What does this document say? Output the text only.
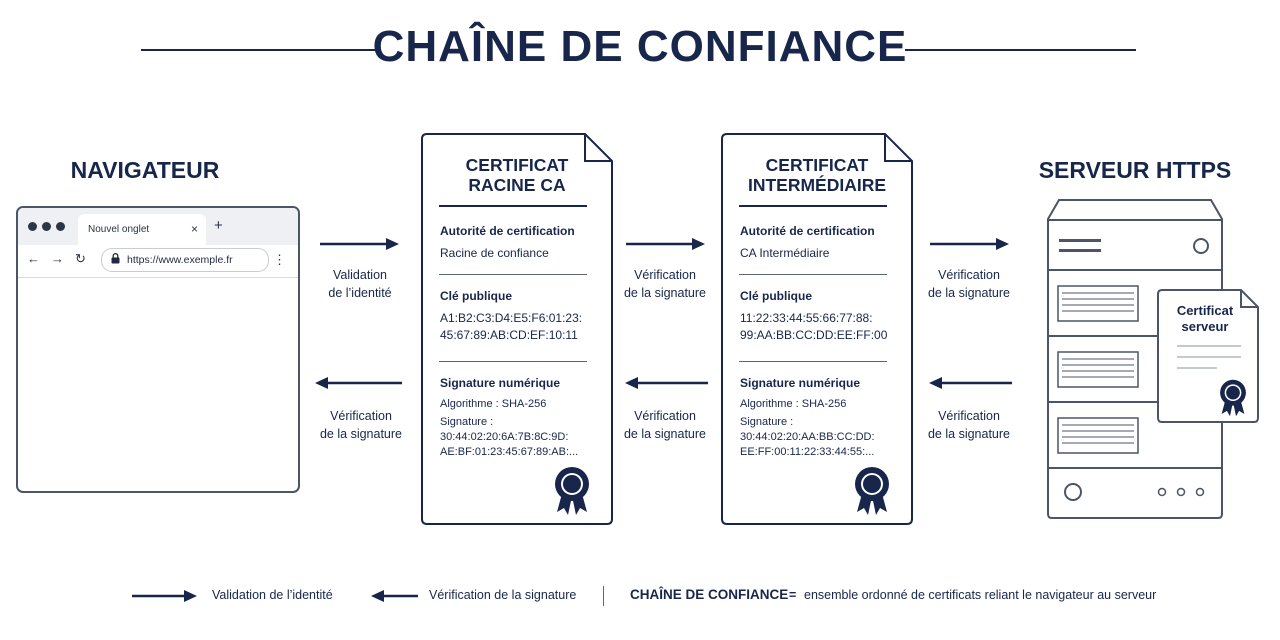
CHAÎNE DE CONFIANCE
NAVIGATEUR	SERVEUR HTTPS
Nouvel onglet	× +
← → ↻	https://www.exemple.fr	⋮
CERTIFICAT
RACINE CA
Autorité de certification
Racine de confiance
Clé publique
A1:B2:C3:D4:E5:F6:01:23:
45:67:89:AB:CD:EF:10:11
Signature numérique
Algorithme : SHA-256
Signature :
30:44:02:20:6A:7B:8C:9D:
AE:BF:01:23:45:67:89:AB:...
CERTIFICAT
INTERMÉDIAIRE
Autorité de certification
CA Intermédiaire
Clé publique
11:22:33:44:55:66:77:88:
99:AA:BB:CC:DD:EE:FF:00
Signature numérique
Algorithme : SHA-256
Signature :
30:44:02:20:AA:BB:CC:DD:
EE:FF:00:11:22:33:44:55:...
Validation
de l’identité
Vérification
de la signature
Vérification
de la signature
Vérification
de la signature
Vérification
de la signature
Vérification
de la signature
Certificat
serveur
Validation de l’identité	Vérification de la signature	CHAÎNE DE CONFIANCE = ensemble ordonné de certificats reliant le navigateur au serveur
